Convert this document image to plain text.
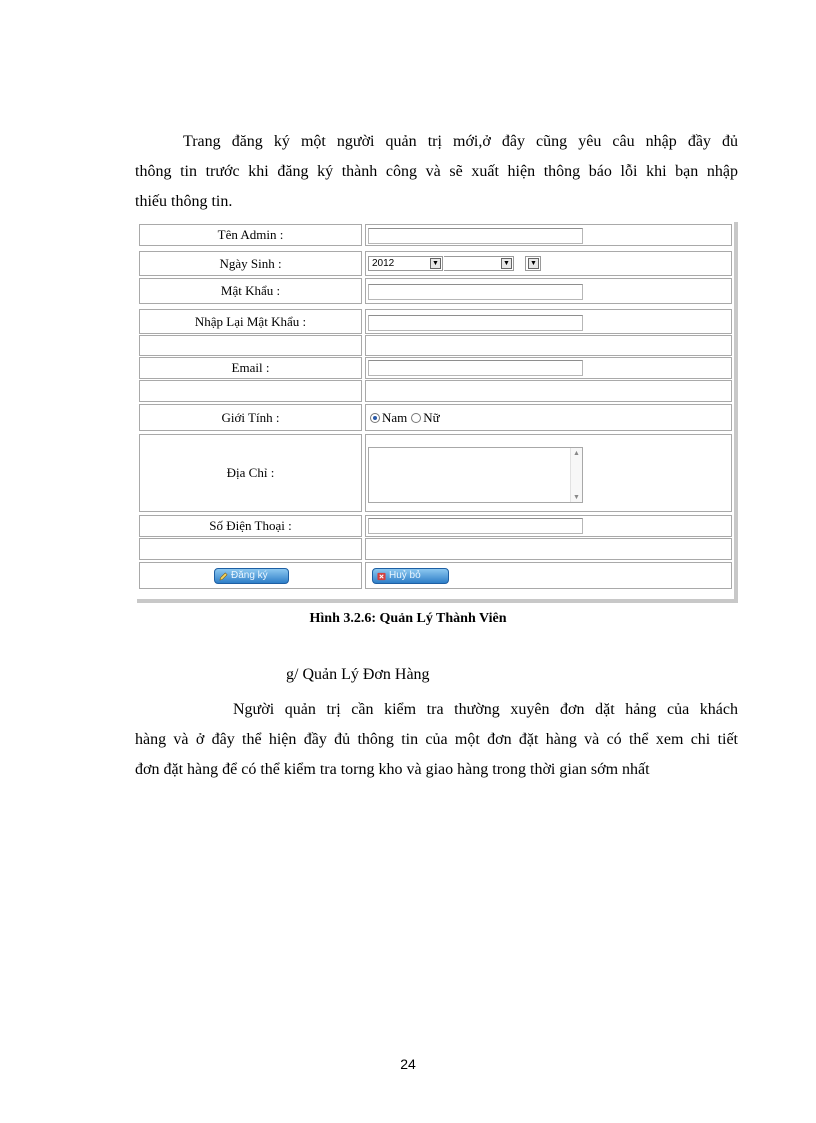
Trang đăng ký một người quản trị mới,ở đây cũng yêu câu nhập đầy đủ
thông tin trước khi đăng ký thành công và sẽ xuất hiện thông báo lỗi khi bạn nhập
thiếu thông tin.
Tên Admin :
Ngày Sinh :	2012	▼	▼	▼
Mật Khẩu :
Nhập Lại Mật Khẩu :
Email :
Giới Tính :	Nam Nữ
Địa Chỉ :
▲
▼
Số Điện Thoại :
Đăng ký	Huỷ bỏ
Hình 3.2.6: Quản Lý Thành Viên
g/ Quản Lý Đơn Hàng
Người quản trị cần kiểm tra thường xuyên đơn dặt hảng của khách
hàng và ở đây thể hiện đầy đủ thông tin của một đơn đặt hàng và có thể xem chi tiết
đơn đặt hàng để có thể kiểm tra torng kho và giao hàng trong thời gian sớm nhất
24
